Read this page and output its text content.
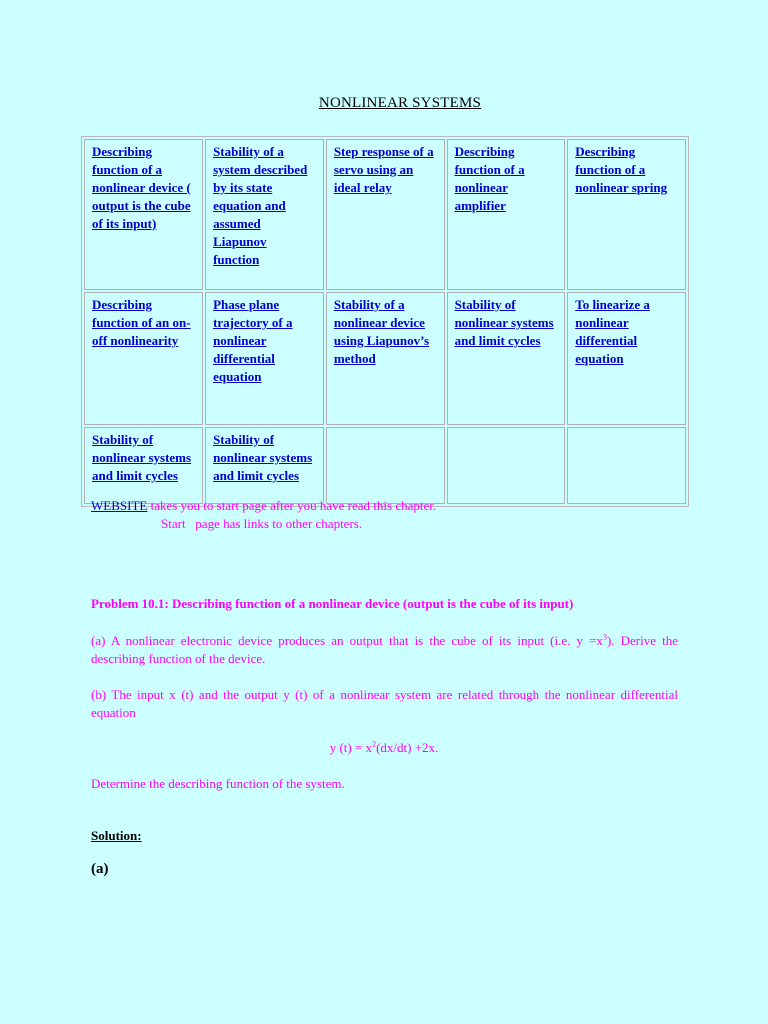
NONLINEAR SYSTEMS
Describing function of a nonlinear device ( output is the cube of its input)	Stability of a system described by its state equation and assumed Liapunov function	Step response of a servo using an ideal relay	Describing function of a nonlinear amplifier	Describing function of a nonlinear spring
Describing function of an on-off nonlinearity	Phase plane trajectory of a nonlinear differential equation	Stability of a nonlinear device using Liapunov’s method	Stability of nonlinear systems and limit cycles	To linearize a nonlinear differential equation
Stability of nonlinear systems and limit cycles	Stability of nonlinear systems and limit cycles			
WEBSITE takes you to start page after you have read this chapter.
Start   page has links to other chapters.
Problem 10.1: Describing function of a nonlinear device (output is the cube of its input)
(a) A nonlinear electronic device produces an output that is the cube of its input (i.e. $y =x^3$). Derive the describing function of the device.
(b) The input x (t) and the output y (t) of a nonlinear system are related through the nonlinear differential equation
y $(t) = x^2(dx/dt) +2x$.
Determine the describing function of the system.
Solution:
(a)
